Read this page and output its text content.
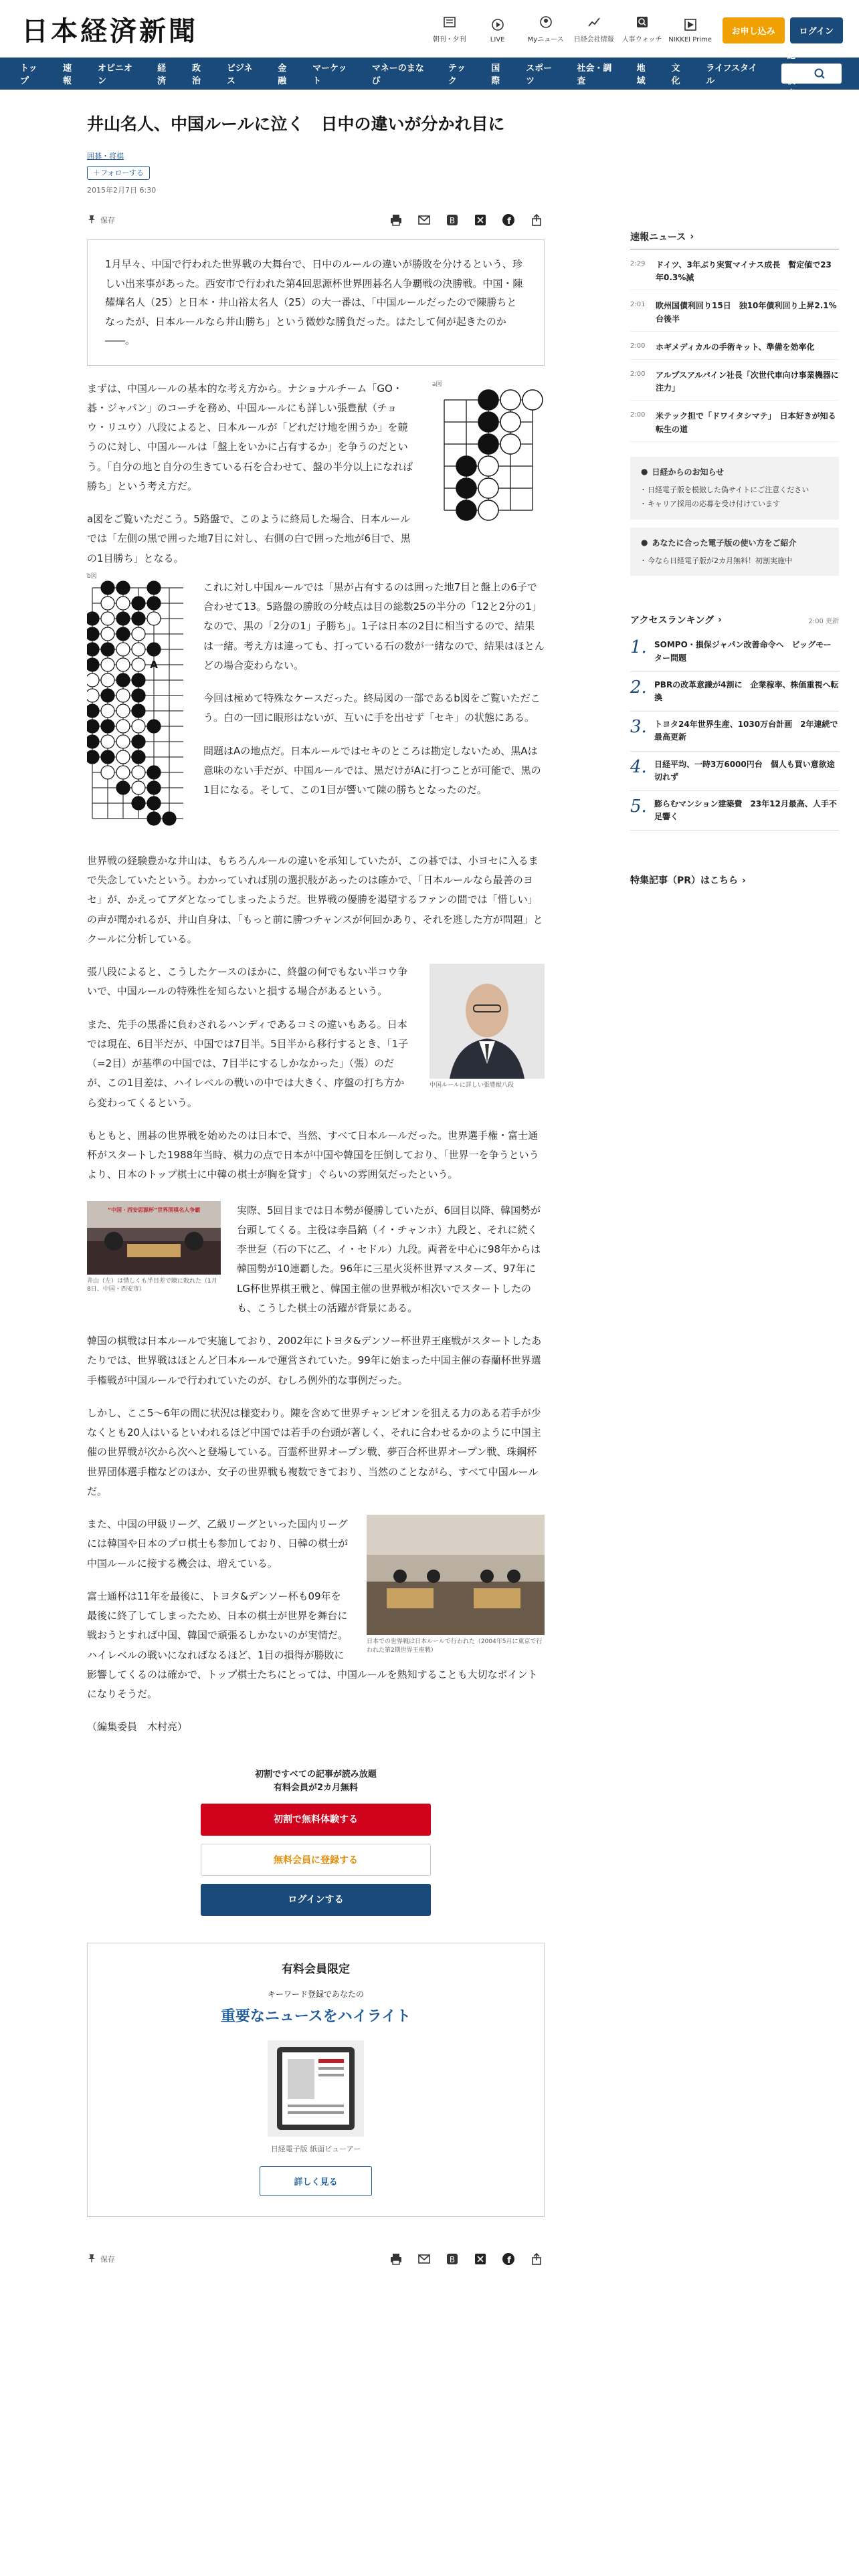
日本経済新聞	朝刊・夕刊	LIVE	Myニュース 日経会社情報 人事ウォッチ NIKKEI Prime
お申し込み	ログイン
トップ
速報
オピニオン
経済
政治
ビジネス
金融
マーケット
マネーのまなび
テック
国際
スポーツ
社会・調査
地域
文化
ライフスタイル
記事検索
井山名人、中国ルールに泣く　日中の違いが分かれ目に
囲碁・将棋
＋フォローする
2015年2月7日 6:30
保存	B	f
1月早々、中国で行われた世界戦の大舞台で、日中のルールの違いが勝敗を分けるという、珍しい出来事があった。西安市で行われた第4回思源杯世界囲碁名人争覇戦の決勝戦。中国・陳耀燁名人（25）と日本・井山裕太名人（25）の大一番は、「中国ルールだったので陳勝ちとなったが、日本ルールなら井山勝ち」という微妙な勝負だった。はたして何が起きたのか――。
a図

まずは、中国ルールの基本的な考え方から。ナショナルチーム「GO・碁・ジャパン」のコーチを務め、中国ルールにも詳しい張豊猷（チョウ・リユウ）八段によると、日本ルールが「どれだけ地を囲うか」を競うのに対し、中国ルールは「盤上をいかに占有するか」を争うのだという。「自分の地と自分の生きている石を合わせて、盤の半分以上になれば勝ち」という考え方だ。

a図をご覧いただこう。5路盤で、このように終局した場合、日本ルールでは「左側の黒で囲った地7目に対し、右側の白で囲った地が6目で、黒の1目勝ち」となる。

b図
A

これに対し中国ルールでは「黒が占有するのは囲った地7目と盤上の6子で合わせて13。5路盤の勝敗の分岐点は目の総数25の半分の「12と2分の1」なので、黒の「2分の1」子勝ち」。1子は日本の2目に相当するので、結果は一緒。考え方は違っても、打っている石の数が一緒なので、結果はほとんどの場合変わらない。

今回は極めて特殊なケースだった。終局図の一部であるb図をご覧いただこう。白の一団に眼形はないが、互いに手を出せず「セキ」の状態にある。

問題はAの地点だ。日本ルールではセキのところは勘定しないため、黒Aは意味のない手だが、中国ルールでは、黒だけがAに打つことが可能で、黒の1目になる。そして、この1目が響いて陳の勝ちとなったのだ。

世界戦の経験豊かな井山は、もちろんルールの違いを承知していたが、この碁では、小ヨセに入るまで失念していたという。わかっていれば別の選択肢があったのは確かで、「日本ルールなら最善のヨセ」が、かえってアダとなってしまったようだ。世界戦の優勝を渇望するファンの間では「惜しい」の声が聞かれるが、井山自身は、「もっと前に勝つチャンスが何回かあり、それを逃した方が問題」とクールに分析している。

中国ルールに詳しい張豊猷八段

張八段によると、こうしたケースのほかに、終盤の何でもない半コウ争いで、中国ルールの特殊性を知らないと損する場合があるという。

また、先手の黒番に負わされるハンディであるコミの違いもある。日本では現在、6目半だが、中国では7目半。5目半から移行するとき、「1子（=2目）が基準の中国では、7目半にするしかなかった」（張）のだが、この1目差は、ハイレベルの戦いの中では大きく、序盤の打ち方から変わってくるという。

もともと、囲碁の世界戦を始めたのは日本で、当然、すべて日本ルールだった。世界選手権・富士通杯がスタートした1988年当時、棋力の点で日本が中国や韓国を圧倒しており、「世界一を争うというより、日本のトップ棋士に中韓の棋士が胸を貸す」ぐらいの雰囲気だったという。

“中国・西安思源杯”世界围棋名人争霸
井山（左）は惜しくも半目差で陳に敗れた（1月8日、中国・西安市）

実際、5回目までは日本勢が優勝していたが、6回目以降、韓国勢が台頭してくる。主役は李昌鎬（イ・チャンホ）九段と、それに続く李世乭（石の下に乙、イ・セドル）九段。両者を中心に98年からは韓国勢が10連覇した。96年に三星火災杯世界マスターズ、97年にLG杯世界棋王戦と、韓国主催の世界戦が相次いでスタートしたのも、こうした棋士の活躍が背景にある。

韓国の棋戦は日本ルールで実施しており、2002年にトヨタ&デンソー杯世界王座戦がスタートしたあたりでは、世界戦はほとんど日本ルールで運営されていた。99年に始まった中国主催の春蘭杯世界選手権戦が中国ルールで行われていたのが、むしろ例外的な事例だった。

しかし、ここ5～6年の間に状況は様変わり。陳を含めて世界チャンピオンを狙える力のある若手が少なくとも20人はいるといわれるほど中国では若手の台頭が著しく、それに合わせるかのように中国主催の世界戦が次から次へと登場している。百霊杯世界オープン戦、夢百合杯世界オープン戦、珠鋼杯世界団体選手権などのほか、女子の世界戦も複数できており、当然のことながら、すべて中国ルールだ。

日本での世界戦は日本ルールで行われた（2004年5月に東京で行われた第2期世界王座戦）

また、中国の甲級リーグ、乙級リーグといった国内リーグには韓国や日本のプロ棋士も参加しており、日韓の棋士が中国ルールに接する機会は、増えている。

富士通杯は11年を最後に、トヨタ&デンソー杯も09年を最後に終了してしまったため、日本の棋士が世界を舞台に戦おうとすれば中国、韓国で頑張るしかないのが実情だ。ハイレベルの戦いになればなるほど、1目の損得が勝敗に影響してくるのは確かで、トップ棋士たちにとっては、中国ルールを熟知することも大切なポイントになりそうだ。

（編集委員　木村亮）

初割ですべての記事が読み放題
有料会員が2カ月無料
初割で無料体験する
無料会員に登録する
ログインする
有料会員限定
キーワード登録であなたの
重要なニュースをハイライト
日経電子版 紙面ビューアー
詳しく見る
保存	B	f
速報ニュース ›
2:29 ドイツ、3年ぶり実質マイナス成長　暫定値で23年0.3%減
2:01 欧州国債利回り15日　独10年債利回り上昇2.1%台後半
2:00 ホギメディカルの手術キット、準備を効率化
2:00 アルプスアルパイン社長「次世代車向け事業機器に注力」
2:00 米テック担で「ドワイタシマテ」　日本好きが知る転生の道
● 日経からのお知らせ
・ 日経電子版を模倣した偽サイトにご注意ください
・ キャリア採用の応募を受け付けています
● あなたに合った電子版の使い方をご紹介
・ 今なら日経電子版が2カ月無料！初割実施中
アクセスランキング ›	2:00 更新
1. SOMPO・損保ジャパン改善命令へ　ビッグモーター問題
2. PBRの改革意識が4割に　企業稼率、株価重視へ転換
3. トヨタ24年世界生産、1030万台計画　2年連続で最高更新
4. 日経平均、一時3万6000円台　個人も買い意欲途切れず
5. 膨らむマンション建築費　23年12月最高、人手不足響く
特集記事（PR）はこちら ›
